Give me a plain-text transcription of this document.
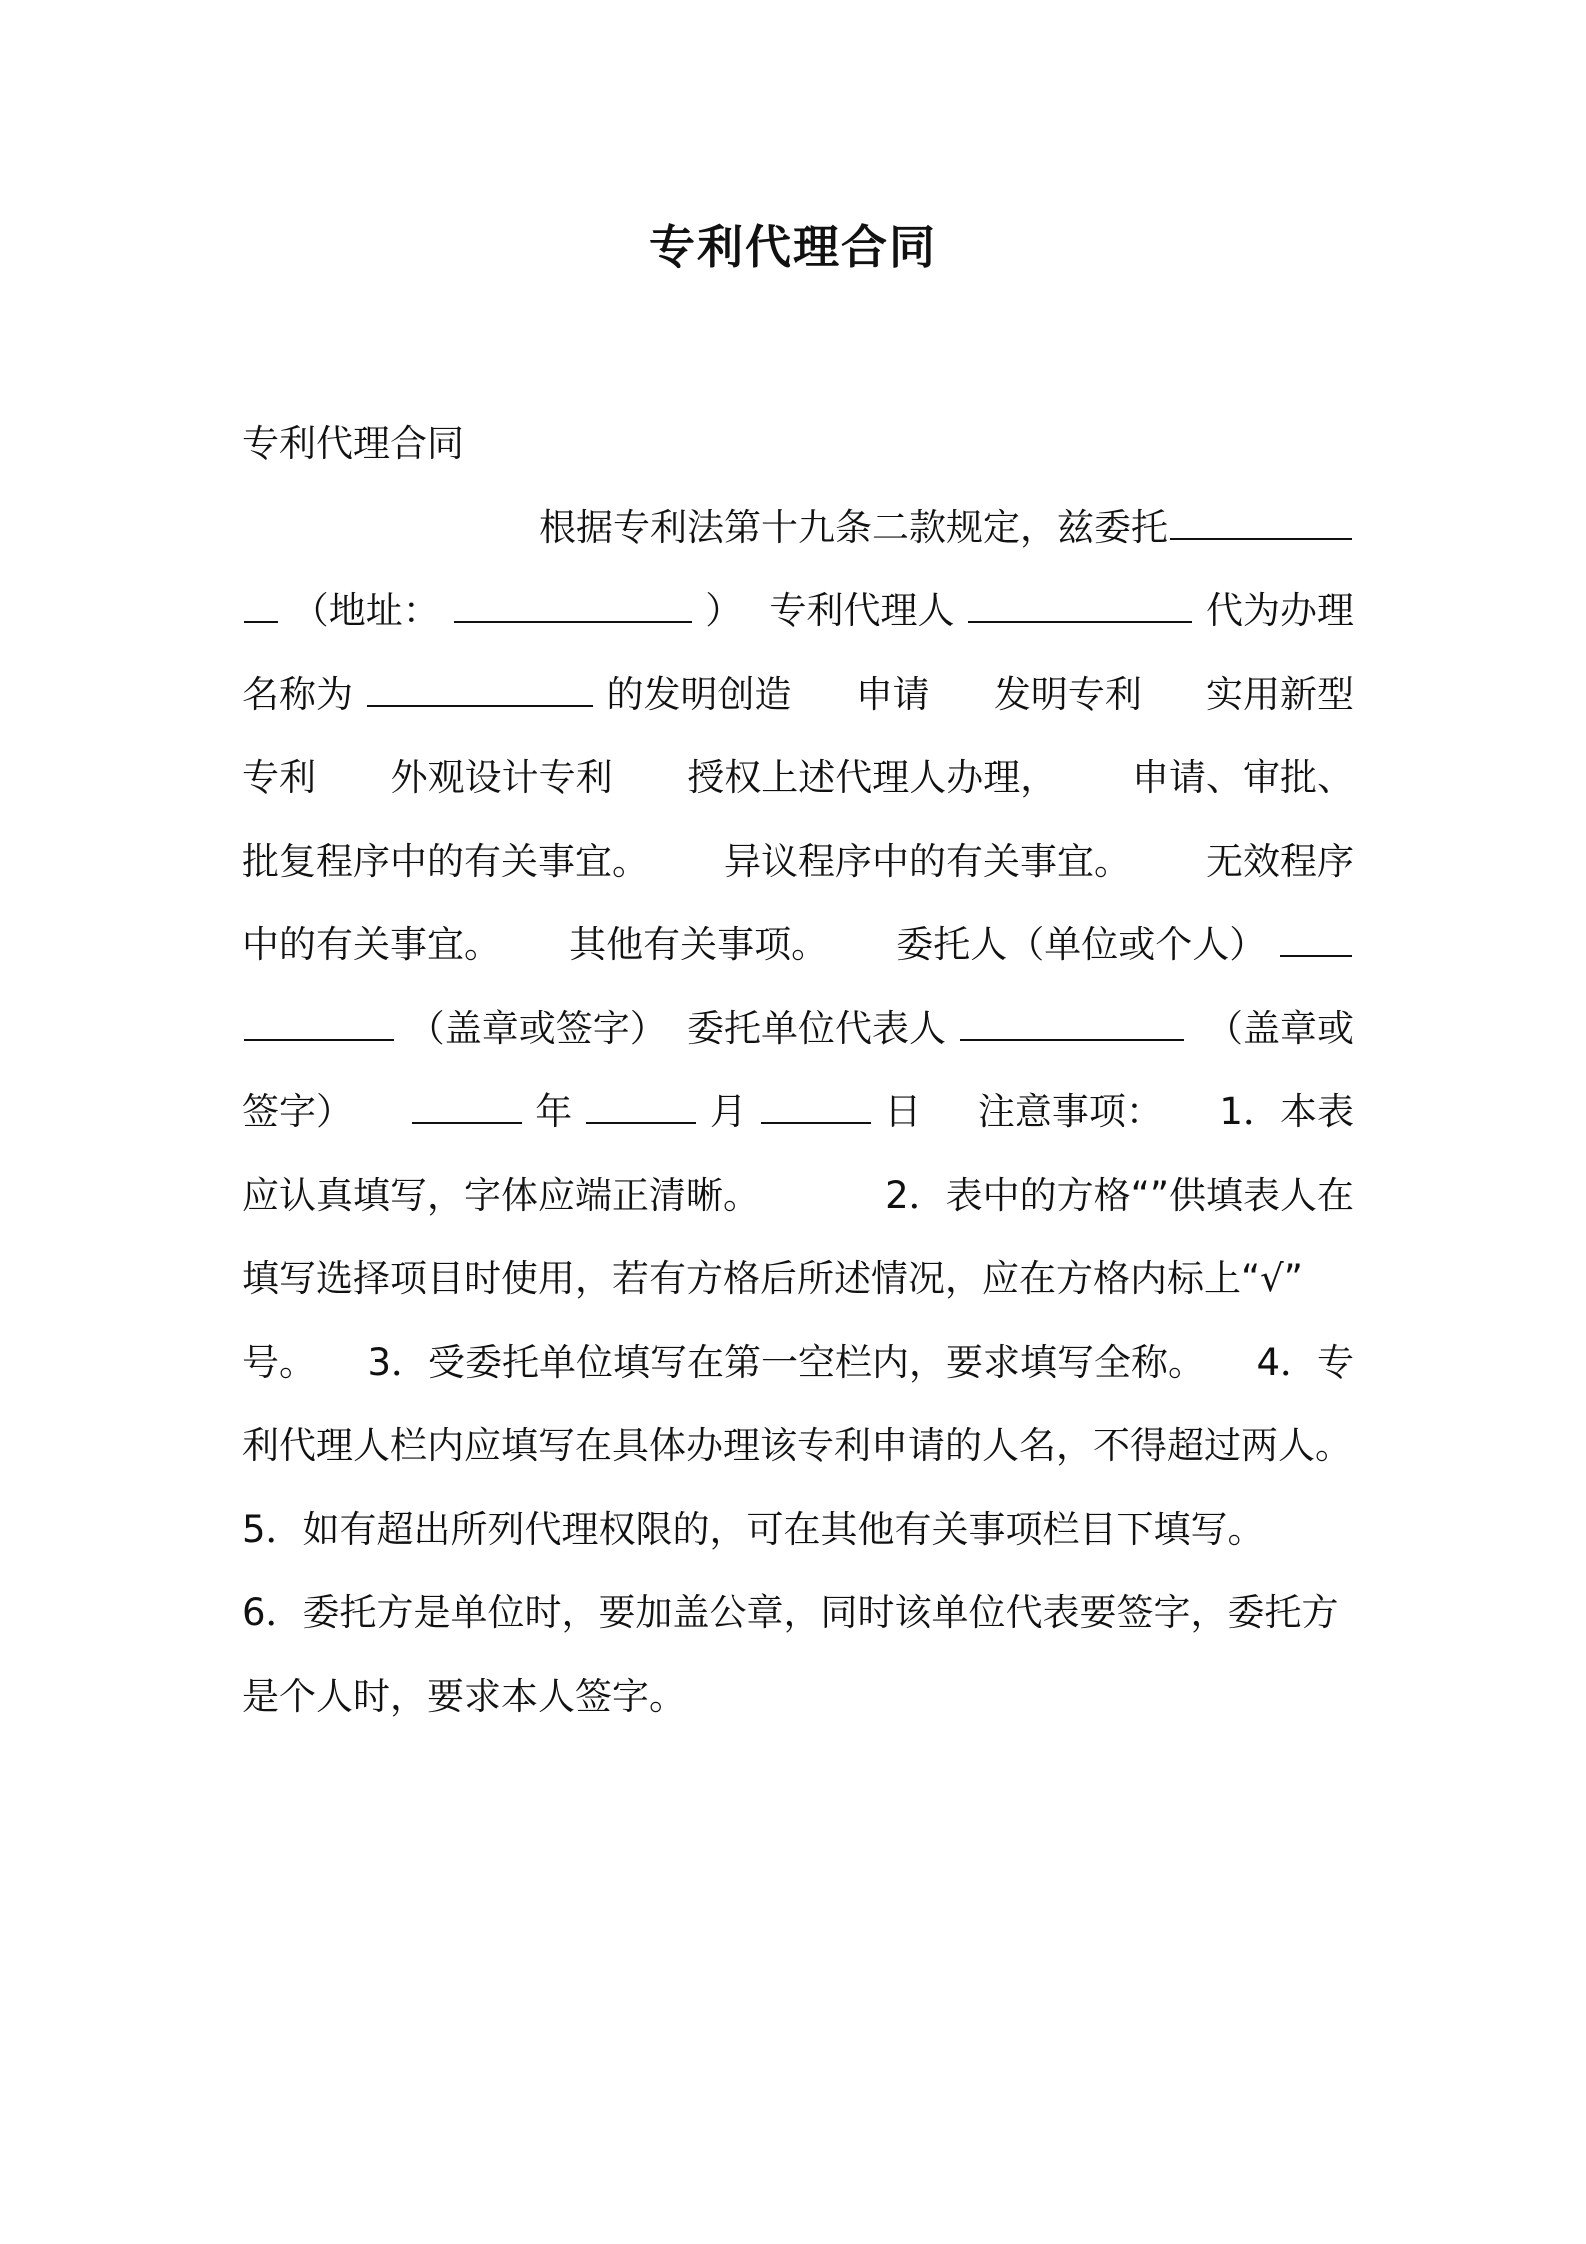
专利代理合同
专利代理合同
根据专利法第十九条二款规定，兹委托
（地址：	） 专利代理人	代为办理
名称为	的发明创造 申请 发明专利 实用新型
专利 外观设计专利 授权上述代理人办理， 申请、审批、
批复程序中的有关事宜。 异议程序中的有关事宜。 无效程序
中的有关事宜。 其他有关事项。 委托人（单位或个人）
（盖章或签字） 委托单位代表人	（盖章或
签字）	年	月	日 注意事项： 1．本表
应认真填写，字体应端正清晰。	2．表中的方格“”供填表人在
填写选择项目时使用，若有方格后所述情况，应在方格内标上“√”
号。 3．受委托单位填写在第一空栏内，要求填写全称。 4．专
利代理人栏内应填写在具体办理该专利申请的人名，不得超过两人。
5．如有超出所列代理权限的，可在其他有关事项栏目下填写。
6．委托方是单位时，要加盖公章，同时该单位代表要签字，委托方
是个人时，要求本人签字。
